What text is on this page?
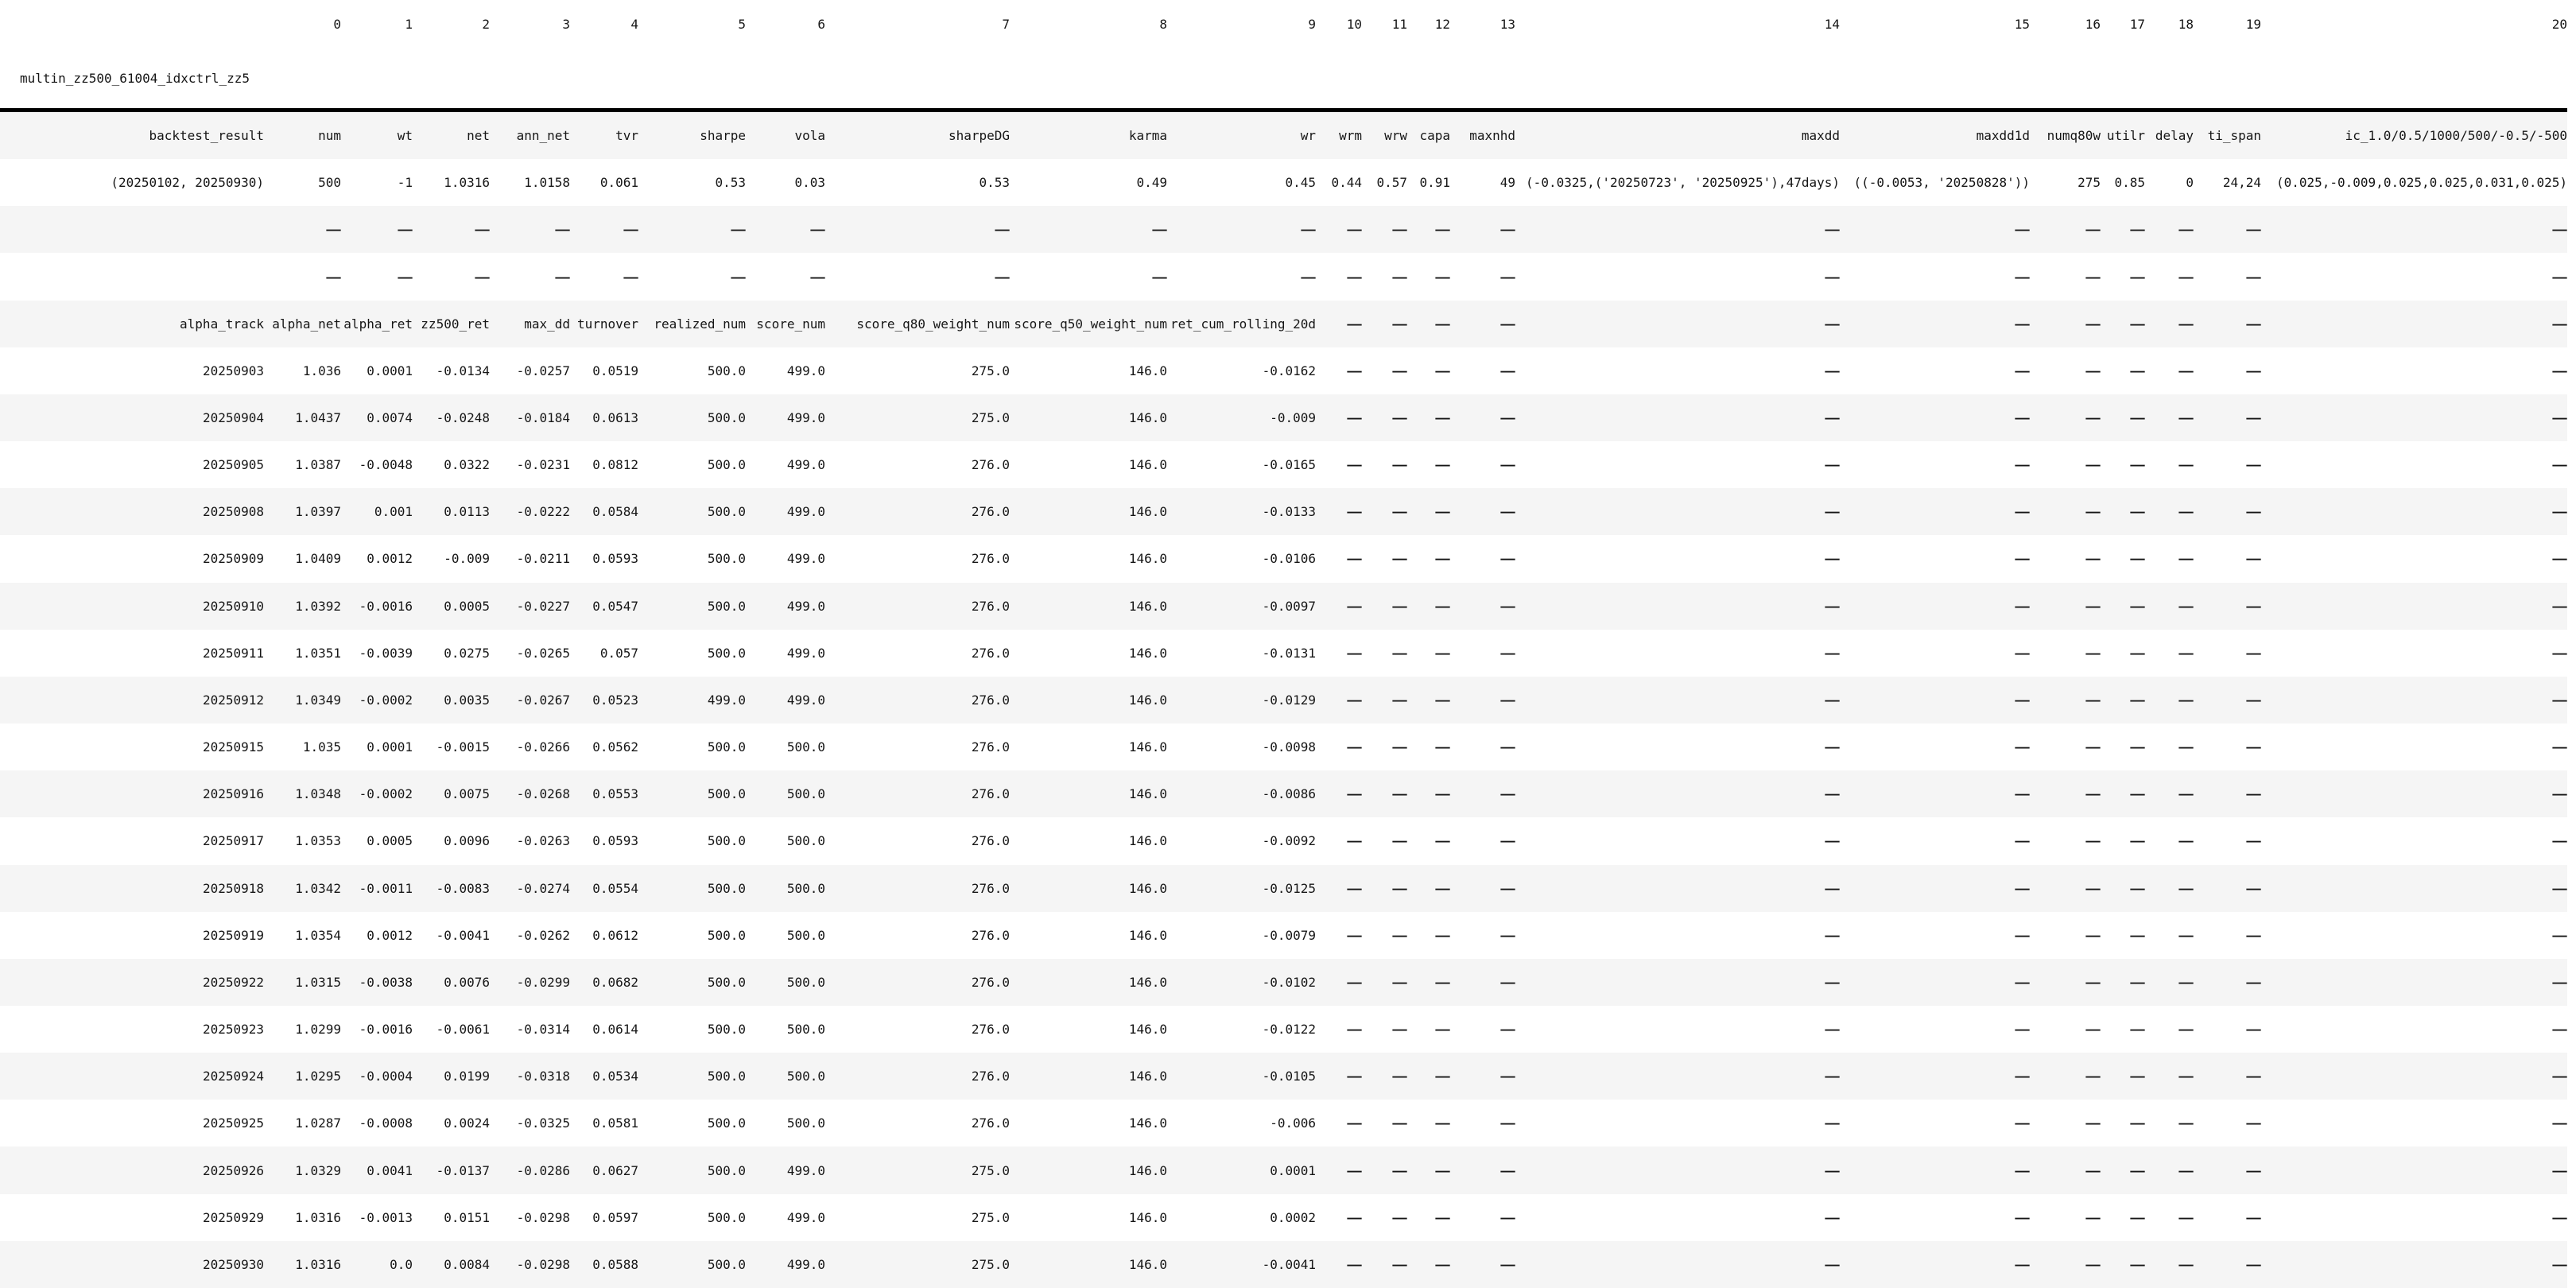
	0	1	2	3	4	5	6	7	8	9	10	11	12	13	14	15	16	17	18	19	20
multin_zz500_61004_idxctrl_zz5																					
backtest_result	num	wt	net	ann_net	tvr	sharpe	vola	sharpeDG	karma	wr	wrm	wrw	capa	maxnhd	maxdd	maxdd1d	numq80w	utilr	delay	ti_span	ic_1.0/0.5/1000/500/-0.5/-500
(20250102, 20250930)	500	-1	1.0316	1.0158	0.061	0.53	0.03	0.53	0.49	0.45	0.44	0.57	0.91	49	(-0.0325,('20250723', '20250925'),47days)	((-0.0053, '20250828'))	275	0.85	0	24,24	(0.025,-0.009,0.025,0.025,0.031,0.025)
	—	—	—	—	—	—	—	—	—	—	—	—	—	—	—	—	—	—	—	—	—
	—	—	—	—	—	—	—	—	—	—	—	—	—	—	—	—	—	—	—	—	—
alpha_track	alpha_net	alpha_ret	zz500_ret	max_dd	turnover	realized_num	score_num	score_q80_weight_num	score_q50_weight_num	ret_cum_rolling_20d	—	—	—	—	—	—	—	—	—	—	—
20250903	1.036	0.0001	-0.0134	-0.0257	0.0519	500.0	499.0	275.0	146.0	-0.0162	—	—	—	—	—	—	—	—	—	—	—
20250904	1.0437	0.0074	-0.0248	-0.0184	0.0613	500.0	499.0	275.0	146.0	-0.009	—	—	—	—	—	—	—	—	—	—	—
20250905	1.0387	-0.0048	0.0322	-0.0231	0.0812	500.0	499.0	276.0	146.0	-0.0165	—	—	—	—	—	—	—	—	—	—	—
20250908	1.0397	0.001	0.0113	-0.0222	0.0584	500.0	499.0	276.0	146.0	-0.0133	—	—	—	—	—	—	—	—	—	—	—
20250909	1.0409	0.0012	-0.009	-0.0211	0.0593	500.0	499.0	276.0	146.0	-0.0106	—	—	—	—	—	—	—	—	—	—	—
20250910	1.0392	-0.0016	0.0005	-0.0227	0.0547	500.0	499.0	276.0	146.0	-0.0097	—	—	—	—	—	—	—	—	—	—	—
20250911	1.0351	-0.0039	0.0275	-0.0265	0.057	500.0	499.0	276.0	146.0	-0.0131	—	—	—	—	—	—	—	—	—	—	—
20250912	1.0349	-0.0002	0.0035	-0.0267	0.0523	499.0	499.0	276.0	146.0	-0.0129	—	—	—	—	—	—	—	—	—	—	—
20250915	1.035	0.0001	-0.0015	-0.0266	0.0562	500.0	500.0	276.0	146.0	-0.0098	—	—	—	—	—	—	—	—	—	—	—
20250916	1.0348	-0.0002	0.0075	-0.0268	0.0553	500.0	500.0	276.0	146.0	-0.0086	—	—	—	—	—	—	—	—	—	—	—
20250917	1.0353	0.0005	0.0096	-0.0263	0.0593	500.0	500.0	276.0	146.0	-0.0092	—	—	—	—	—	—	—	—	—	—	—
20250918	1.0342	-0.0011	-0.0083	-0.0274	0.0554	500.0	500.0	276.0	146.0	-0.0125	—	—	—	—	—	—	—	—	—	—	—
20250919	1.0354	0.0012	-0.0041	-0.0262	0.0612	500.0	500.0	276.0	146.0	-0.0079	—	—	—	—	—	—	—	—	—	—	—
20250922	1.0315	-0.0038	0.0076	-0.0299	0.0682	500.0	500.0	276.0	146.0	-0.0102	—	—	—	—	—	—	—	—	—	—	—
20250923	1.0299	-0.0016	-0.0061	-0.0314	0.0614	500.0	500.0	276.0	146.0	-0.0122	—	—	—	—	—	—	—	—	—	—	—
20250924	1.0295	-0.0004	0.0199	-0.0318	0.0534	500.0	500.0	276.0	146.0	-0.0105	—	—	—	—	—	—	—	—	—	—	—
20250925	1.0287	-0.0008	0.0024	-0.0325	0.0581	500.0	500.0	276.0	146.0	-0.006	—	—	—	—	—	—	—	—	—	—	—
20250926	1.0329	0.0041	-0.0137	-0.0286	0.0627	500.0	499.0	275.0	146.0	0.0001	—	—	—	—	—	—	—	—	—	—	—
20250929	1.0316	-0.0013	0.0151	-0.0298	0.0597	500.0	499.0	275.0	146.0	0.0002	—	—	—	—	—	—	—	—	—	—	—
20250930	1.0316	0.0	0.0084	-0.0298	0.0588	500.0	499.0	275.0	146.0	-0.0041	—	—	—	—	—	—	—	—	—	—	—
